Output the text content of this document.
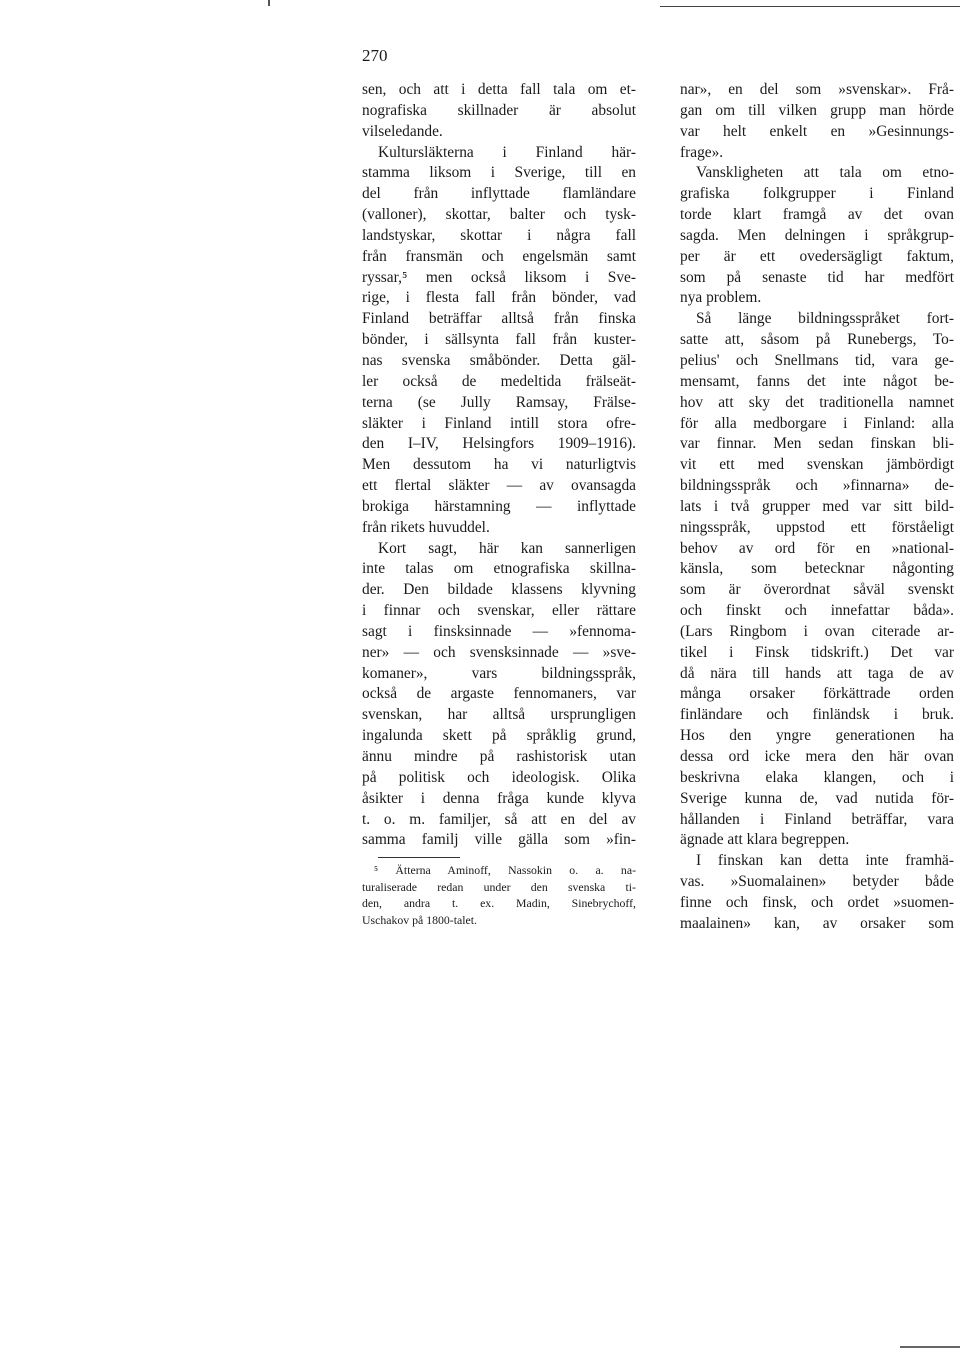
270
sen, och att i detta fall tala om et-
nografiska skillnader är absolut
vilseledande.
Kultursläkterna i Finland här-
stamma liksom i Sverige, till en
del från inflyttade flamländare
(valloner), skottar, balter och tysk-
landstyskar, skottar i några fall
från fransmän och engelsmän samt
ryssar,⁵ men också liksom i Sve-
rige, i flesta fall från bönder, vad
Finland beträffar alltså från finska
bönder, i sällsynta fall från kuster-
nas svenska småbönder. Detta gäl-
ler också de medeltida frälseät-
terna (se Jully Ramsay, Frälse-
släkter i Finland intill stora ofre-
den I–IV, Helsingfors 1909–1916).
Men dessutom ha vi naturligtvis
ett flertal släkter — av ovansagda
brokiga härstamning — inflyttade
från rikets huvuddel.
Kort sagt, här kan sannerligen
inte talas om etnografiska skillna-
der. Den bildade klassens klyvning
i finnar och svenskar, eller rättare
sagt i finsksinnade — »fennoma-
ner» — och svensksinnade — »sve-
komaner», vars bildningsspråk,
också de argaste fennomaners, var
svenskan, har alltså ursprungligen
ingalunda skett på språklig grund,
ännu mindre på rashistorisk utan
på politisk och ideologisk. Olika
åsikter i denna fråga kunde klyva
t. o. m. familjer, så att en del av
samma familj ville gälla som »fin-
⁵ Ätterna Aminoff, Nassokin o. a. na-
turaliserade redan under den svenska ti-
den, andra t. ex. Madin, Sinebrychoff,
Uschakov på 1800-talet.
nar», en del som »svenskar». Frå-
gan om till vilken grupp man hörde
var helt enkelt en »Gesinnungs-
frage».
Vanskligheten att tala om etno-
grafiska folkgrupper i Finland
torde klart framgå av det ovan
sagda. Men delningen i språkgrup-
per är ett ovedersägligt faktum,
som på senaste tid har medfört
nya problem.
Så länge bildningsspråket fort-
satte att, såsom på Runebergs, To-
pelius' och Snellmans tid, vara ge-
mensamt, fanns det inte något be-
hov att sky det traditionella namnet
för alla medborgare i Finland: alla
var finnar. Men sedan finskan bli-
vit ett med svenskan jämbördigt
bildningsspråk och »finnarna» de-
lats i två grupper med var sitt bild-
ningsspråk, uppstod ett förståeligt
behov av ord för en »national-
känsla, som betecknar någonting
som är överordnat såväl svenskt
och finskt och innefattar båda».
(Lars Ringbom i ovan citerade ar-
tikel i Finsk tidskrift.) Det var
då nära till hands att taga de av
många orsaker förkättrade orden
finländare och finländsk i bruk.
Hos den yngre generationen ha
dessa ord icke mera den här ovan
beskrivna elaka klangen, och i
Sverige kunna de, vad nutida för-
hållanden i Finland beträffar, vara
ägnade att klara begreppen.
I finskan kan detta inte framhä-
vas. »Suomalainen» betyder både
finne och finsk, och ordet »suomen-
maalainen» kan, av orsaker som
